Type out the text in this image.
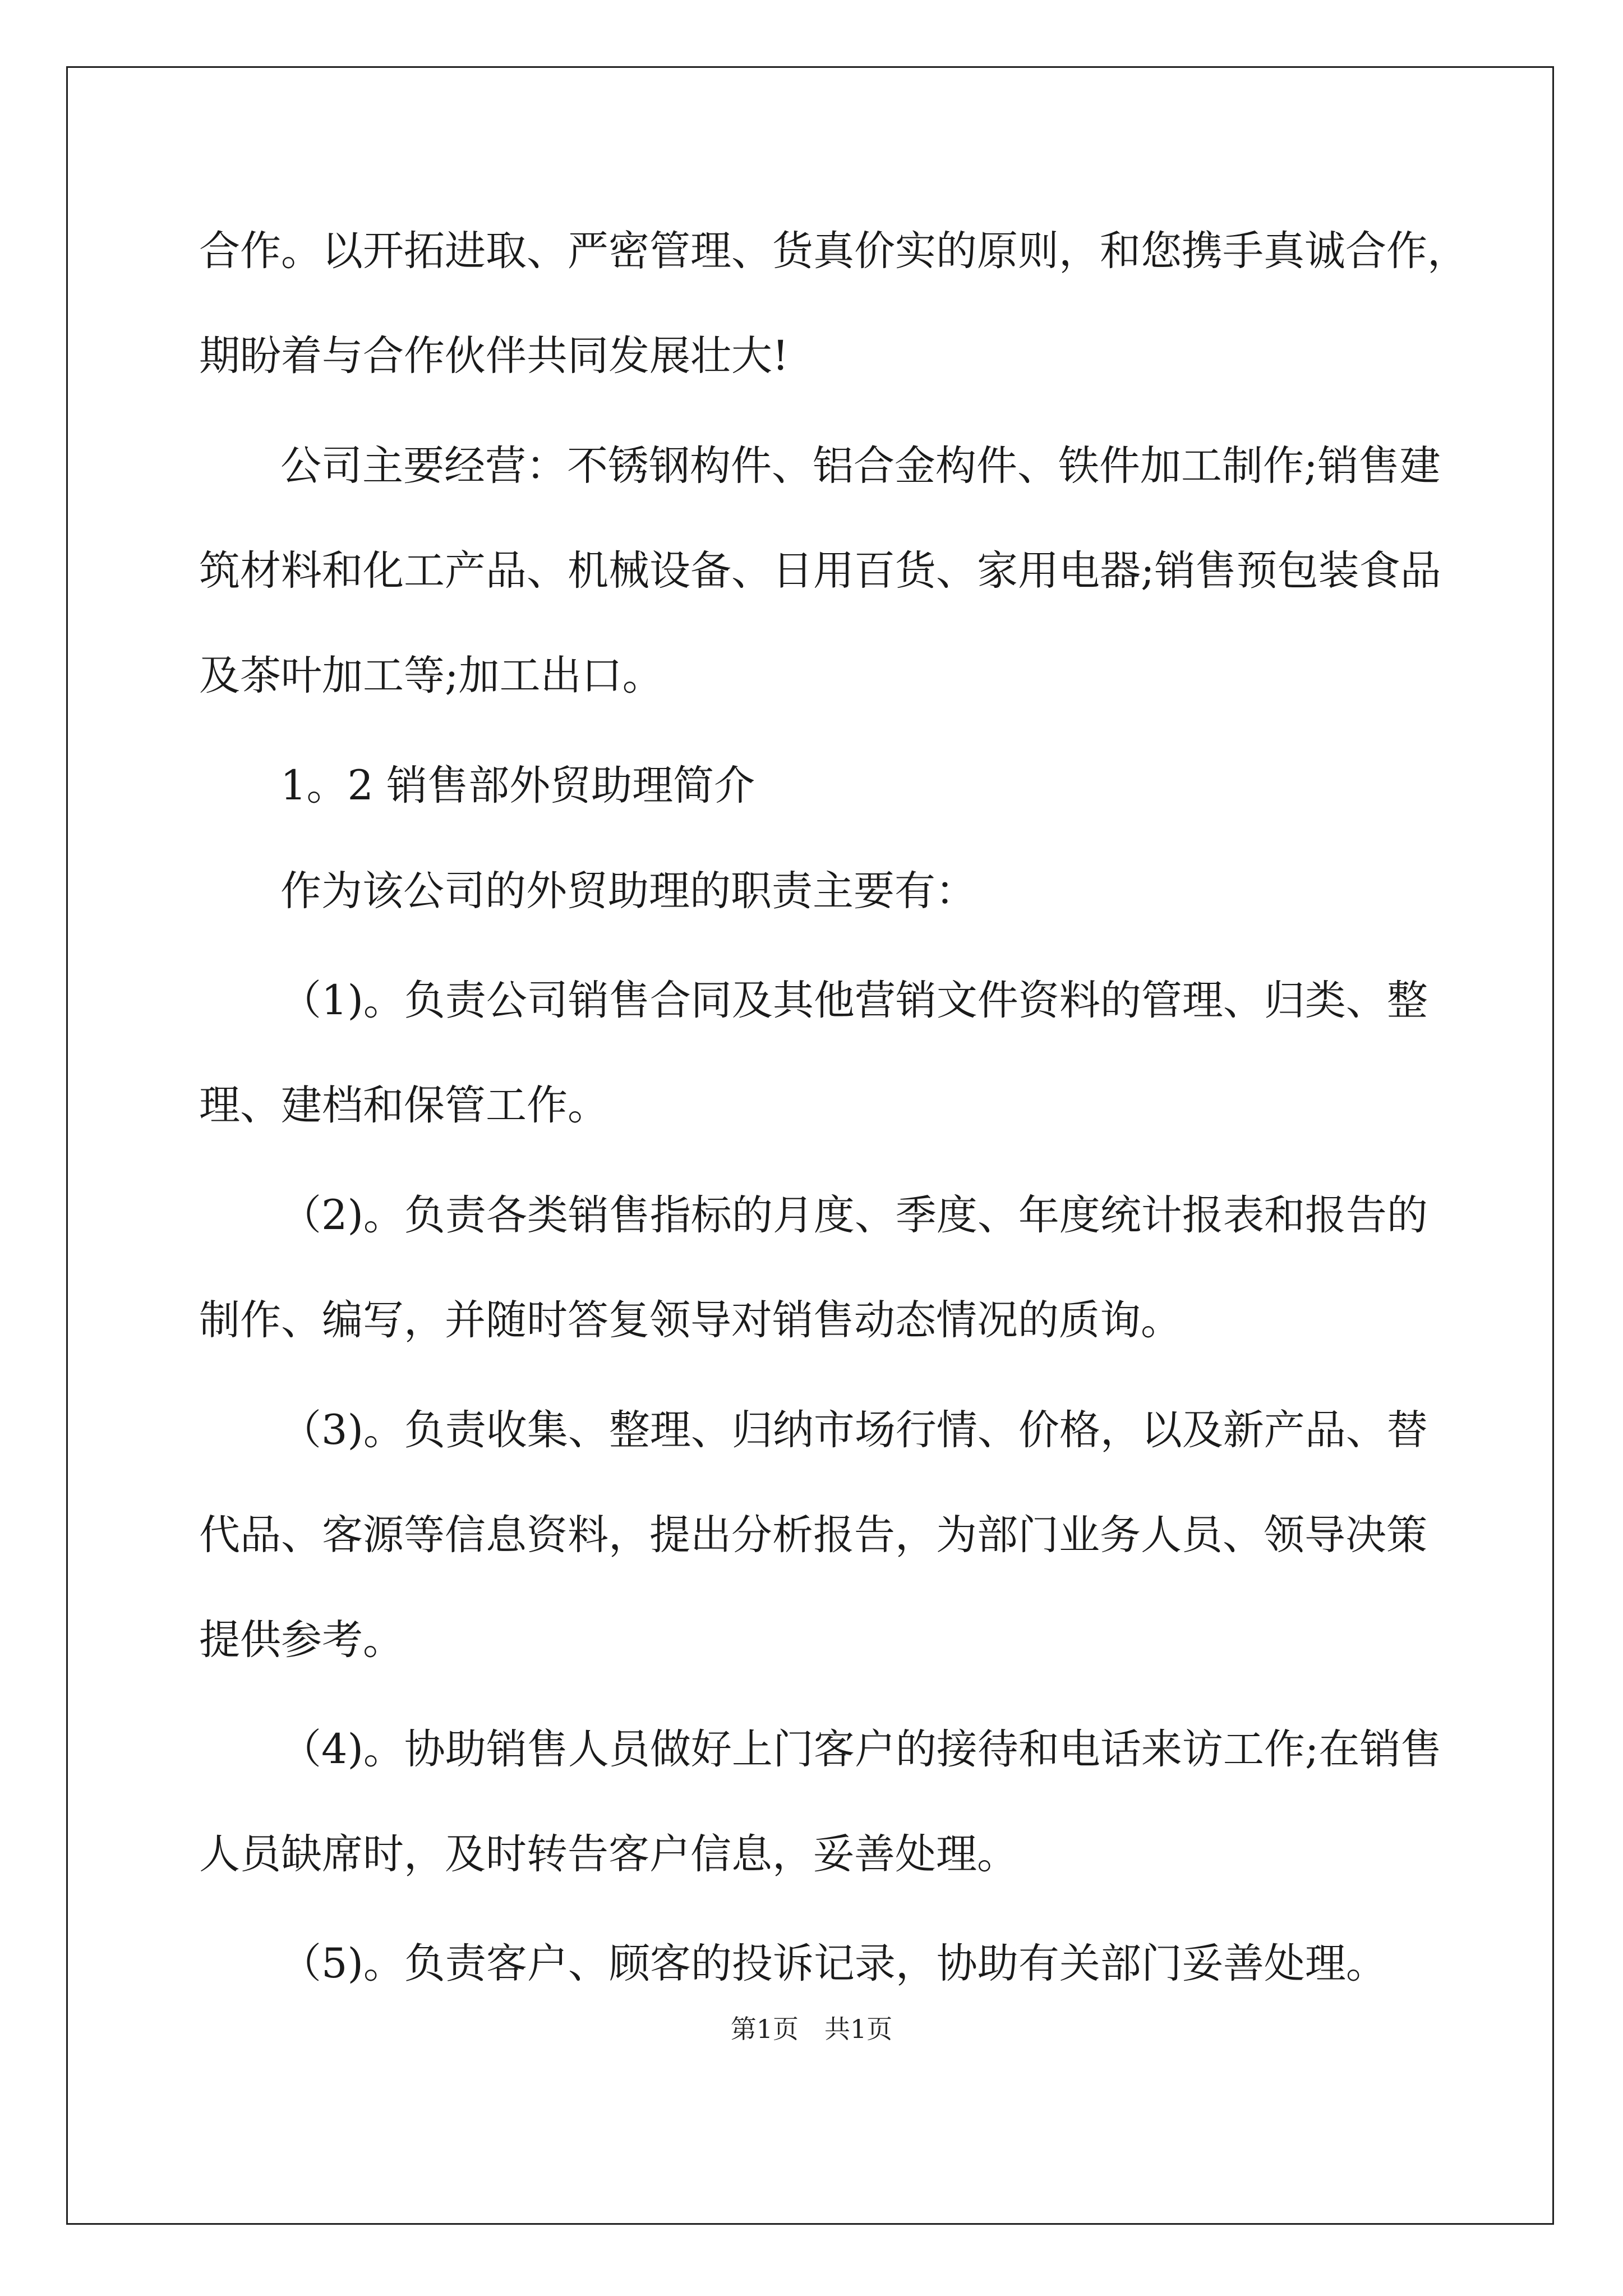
合作。以开拓进取、严密管理、货真价实的原则，和您携手真诚合作，
期盼着与合作伙伴共同发展壮大!
公司主要经营：不锈钢构件、铝合金构件、铁件加工制作;销售建
筑材料和化工产品、机械设备、日用百货、家用电器;销售预包装食品
及茶叶加工等;加工出口。
1。2 销售部外贸助理简介
作为该公司的外贸助理的职责主要有：
（1)。负责公司销售合同及其他营销文件资料的管理、归类、整
理、建档和保管工作。
（2)。负责各类销售指标的月度、季度、年度统计报表和报告的
制作、编写，并随时答复领导对销售动态情况的质询。
（3)。负责收集、整理、归纳市场行情、价格，以及新产品、替
代品、客源等信息资料，提出分析报告，为部门业务人员、领导决策
提供参考。
（4)。协助销售人员做好上门客户的接待和电话来访工作;在销售
人员缺席时，及时转告客户信息，妥善处理。
（5)。负责客户、顾客的投诉记录，协助有关部门妥善处理。
第1页 共1页
